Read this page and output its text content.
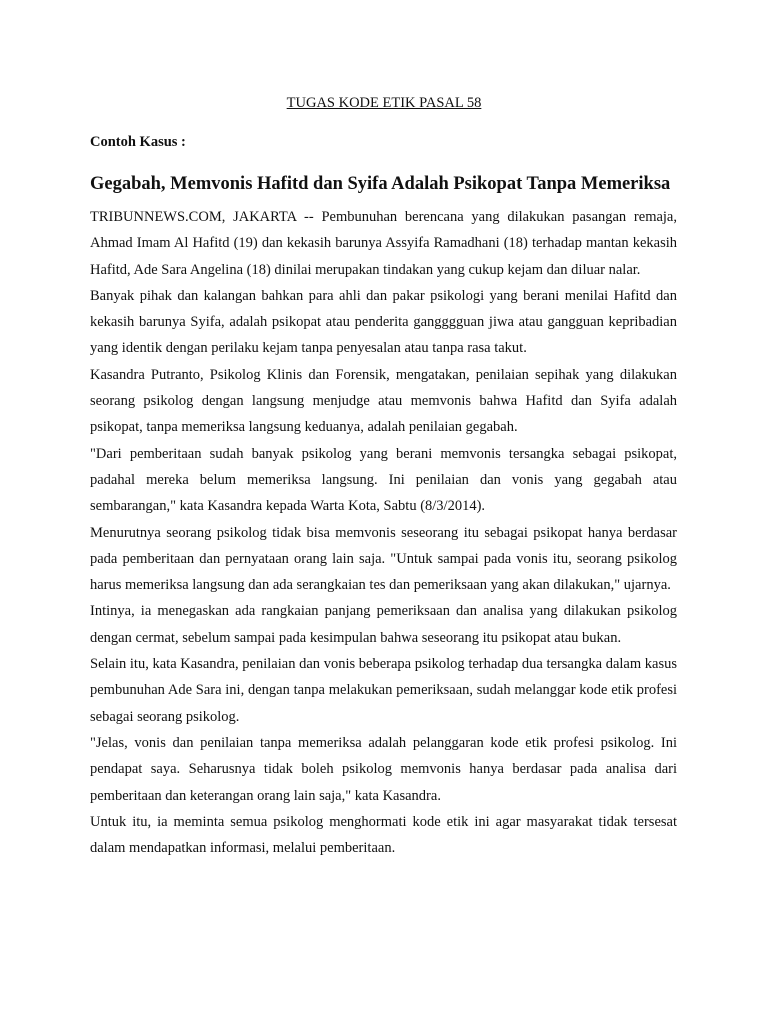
TUGAS KODE ETIK PASAL 58
Contoh Kasus :
Gegabah, Memvonis Hafitd dan Syifa Adalah Psikopat Tanpa Memeriksa

TRIBUNNEWS.COM, JAKARTA -- Pembunuhan berencana yang dilakukan pasangan remaja, Ahmad Imam Al Hafitd (19) dan kekasih barunya Assyifa Ramadhani (18) terhadap mantan kekasih Hafitd, Ade Sara Angelina (18) dinilai merupakan tindakan yang cukup kejam dan diluar nalar.

Banyak pihak dan kalangan bahkan para ahli dan pakar psikologi yang berani menilai Hafitd dan kekasih barunya Syifa, adalah psikopat atau penderita gangggguan jiwa atau gangguan kepribadian yang identik dengan perilaku kejam tanpa penyesalan atau tanpa rasa takut.

Kasandra Putranto, Psikolog Klinis dan Forensik, mengatakan, penilaian sepihak yang dilakukan seorang psikolog dengan langsung menjudge atau memvonis bahwa Hafitd dan Syifa adalah psikopat, tanpa memeriksa langsung keduanya, adalah penilaian gegabah.

"Dari pemberitaan sudah banyak psikolog yang berani memvonis tersangka sebagai psikopat, padahal mereka belum memeriksa langsung. Ini penilaian dan vonis yang gegabah atau sembarangan," kata Kasandra kepada Warta Kota, Sabtu (8/3/2014).

Menurutnya seorang psikolog tidak bisa memvonis seseorang itu sebagai psikopat hanya berdasar pada pemberitaan dan pernyataan orang lain saja. "Untuk sampai pada vonis itu, seorang psikolog harus memeriksa langsung dan ada serangkaian tes dan pemeriksaan yang akan dilakukan," ujarnya.

Intinya, ia menegaskan ada rangkaian panjang pemeriksaan dan analisa yang dilakukan psikolog dengan cermat, sebelum sampai pada kesimpulan bahwa seseorang itu psikopat atau bukan.

Selain itu, kata Kasandra, penilaian dan vonis beberapa psikolog terhadap dua tersangka dalam kasus pembunuhan Ade Sara ini, dengan tanpa melakukan pemeriksaan, sudah melanggar kode etik profesi sebagai seorang psikolog.

"Jelas, vonis dan penilaian tanpa memeriksa adalah pelanggaran kode etik profesi psikolog. Ini pendapat saya. Seharusnya tidak boleh psikolog memvonis hanya berdasar pada analisa dari pemberitaan dan keterangan orang lain saja," kata Kasandra.

Untuk itu, ia meminta semua psikolog menghormati kode etik ini agar masyarakat tidak tersesat dalam mendapatkan informasi, melalui pemberitaan.
